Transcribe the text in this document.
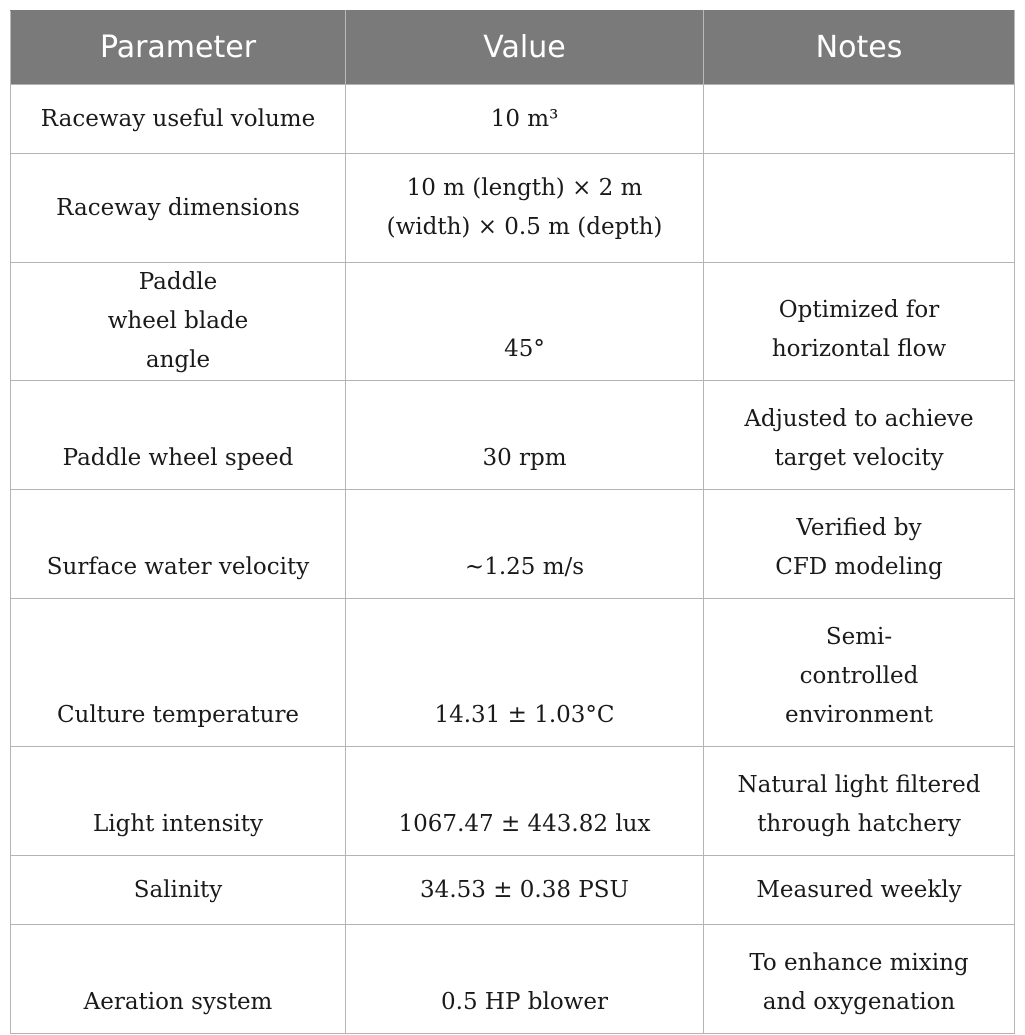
Parameter	Value	Notes
Raceway useful volume	10 m³	
Raceway dimensions	10 m (length) × 2 m (width) × 0.5 m (depth)	
Paddle wheel blade angle	45°	Optimized for horizontal flow
Paddle wheel speed	30 rpm	Adjusted to achieve target velocity
Surface water velocity	~1.25 m/s	Verified by CFD modeling
Culture temperature	14.31 ± 1.03°C	Semi-controlled environment
Light intensity	1067.47 ± 443.82 lux	Natural light filtered through hatchery
Salinity	34.53 ± 0.38 PSU	Measured weekly
Aeration system	0.5 HP blower	To enhance mixing and oxygenation
